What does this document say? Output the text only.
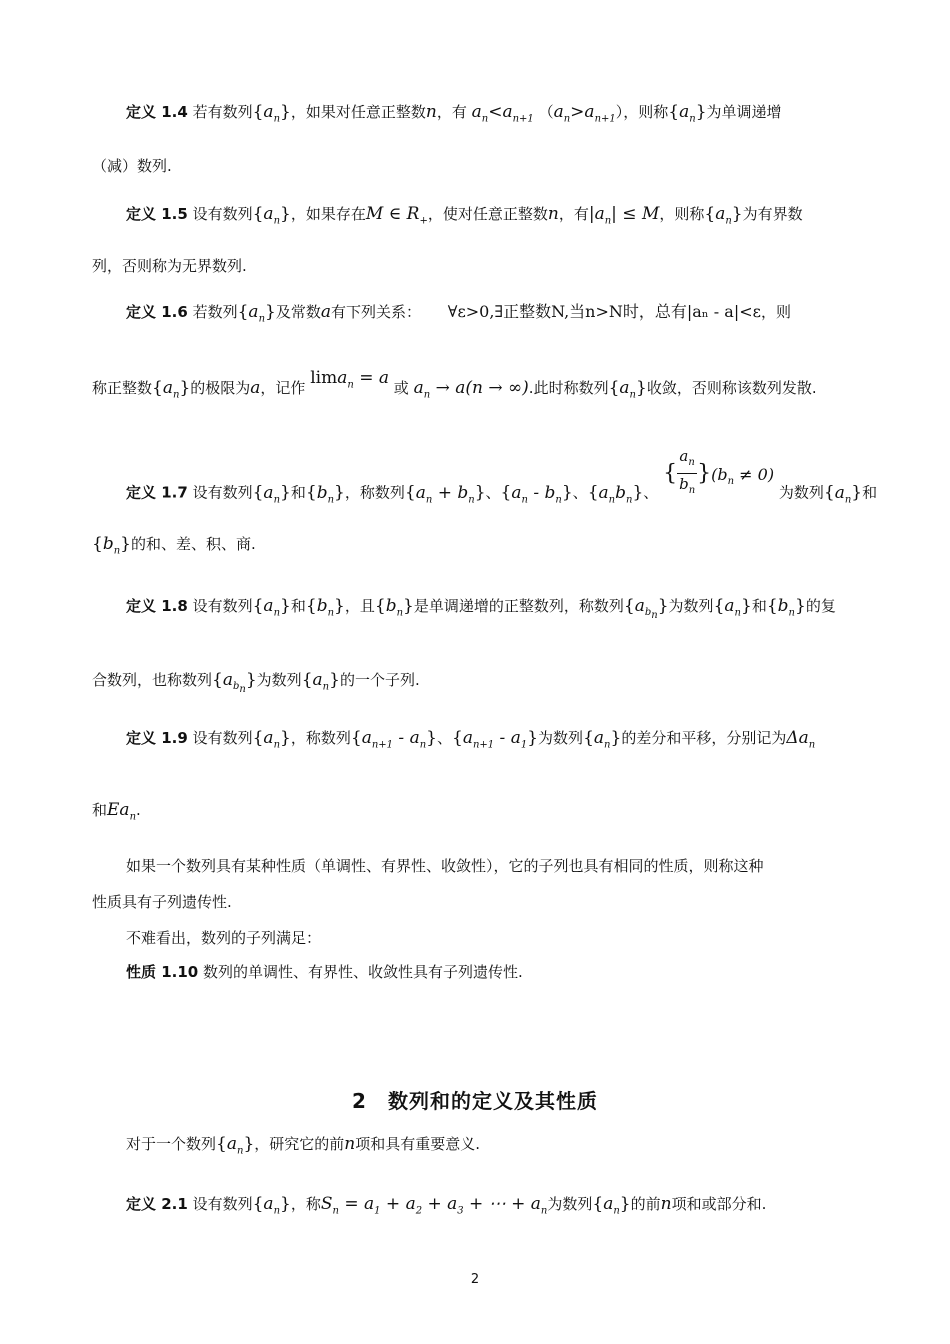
定义 1.4 若有数列$\{a_n\}$，如果对任意正整数n，有 $a_n<a_{n+1}$ $(a_n>a_{n+1})$，则称$\{a_n\}$为单调递增
（减）数列.
定义 1.5 设有数列$\{a_n\}$，如果存在M ∈ $R_+$，使对任意正整数n，有$|a_n| \le M$，则称$\{a_n\}$为有界数
列，否则称为无界数列.
定义 1.6 若数列$\{a_n\}$及常数a有下列关系： ∀ε>0,∃正整数N,当n>N时，总有|aₙ - a|<ε，则
称正整数$\{a_n\}$的极限为a，记作 lima$_n$ = a 或 $a_n \to a(n$ → ∞).此时称数列$\{a_n\}$收敛，否则称该数列发散.
定义 1.7 设有数列$\{a_n\}$和$\{b_n\}$，称数列$\{a_n + b_n\}$、$\{a_n - b_n\}$、$\{a_nb_n\}$、 { $\frac{a_n}{b_n} \}(b_n \ne 0)$ 为数列$\{a_n\}$和
$\{b_n\}$的和、差、积、商.
定义 1.8 设有数列$\{a_n\}$和$\{b_n\}$，且$\{b_n\}$是单调递增的正整数列，称数列$\{a_{b_n}\}$为数列$\{a_n\}$和$\{b_n\}$的复
合数列，也称数列$\{a_{b_n}\}$为数列$\{a_n\}$的一个子列.
定义 1.9 设有数列$\{a_n\}$，称数列$\{a_{n+1} - a_n\}$、$\{a_{n+1} - a_1\}$为数列$\{a_n\}$的差分和平移，分别记为$\Delta a_n$
和$Ea_n$.
如果一个数列具有某种性质（单调性、有界性、收敛性），它的子列也具有相同的性质，则称这种
性质具有子列遗传性.
不难看出，数列的子列满足：
性质 1.10 数列的单调性、有界性、收敛性具有子列遗传性.
2　数列和的定义及其性质
对于一个数列$\{a_n\}$，研究它的前n项和具有重要意义.
定义 2.1 设有数列$\{a_n\}$，称$S_n = a_1 + a_2 + a_3$ + ⋯ + $a_n$为数列$\{a_n\}$的前n项和或部分和.
2
